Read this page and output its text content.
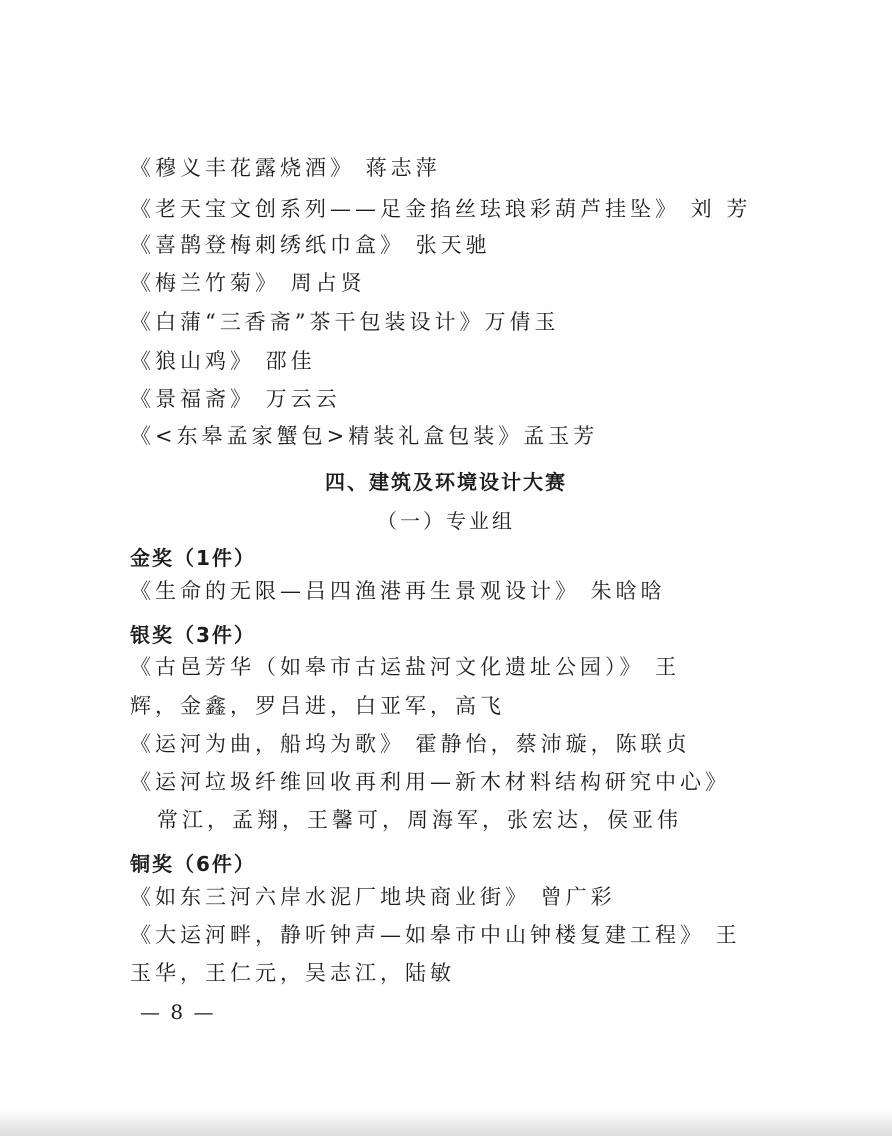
《穆义丰花露烧酒》 蒋志萍
《老天宝文创系列——足金掐丝珐琅彩葫芦挂坠》 刘 芳
《喜鹊登梅刺绣纸巾盒》 张天驰
《梅兰竹菊》 周占贤
《白蒲“三香斋”茶干包装设计》万倩玉
《狼山鸡》 邵佳
《景福斋》 万云云
《<东皋孟家蟹包>精装礼盒包装》孟玉芳
四、建筑及环境设计大赛
（一）专业组
金奖（1件）
《生命的无限—吕四渔港再生景观设计》 朱晗晗
银奖（3件）
《古邑芳华（如皋市古运盐河文化遗址公园）》 王
辉，金鑫，罗吕进，白亚军，高飞
《运河为曲，船坞为歌》 霍静怡，蔡沛璇，陈联贞
《运河垃圾纤维回收再利用—新木材料结构研究中心》
常江，孟翔，王馨可，周海军，张宏达，侯亚伟
铜奖（6件）
《如东三河六岸水泥厂地块商业街》 曾广彩
《大运河畔，静听钟声—如皋市中山钟楼复建工程》 王
玉华，王仁元，吴志江，陆敏
— 8 —
